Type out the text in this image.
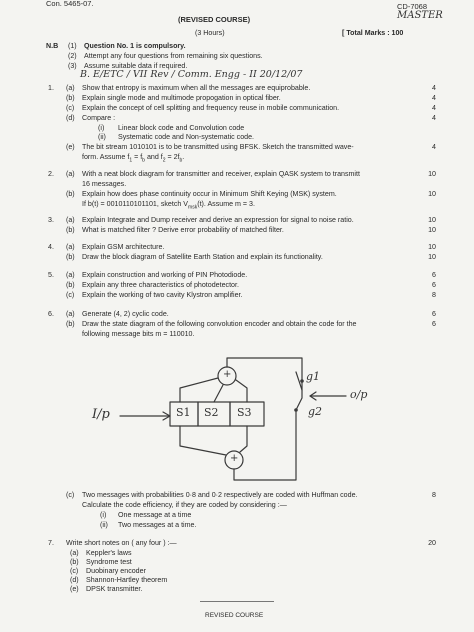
Con. 5465-07.	CD-7068
MASTER
(REVISED COURSE)
(3 Hours)	[ Total Marks : 100
N.B (1) Question No. 1 is compulsory.
(2) Attempt any four questions from remaining six questions.
(3) Assume suitable data if required.
B. E/ETC / VII Rev / Comm. Engg - II 20/12/07
1. (a) Show that entropy is maximum when all the messages are equiprobable.	4
(b) Explain single mode and multimode propogation in optical fiber.	4
(c) Explain the concept of cell splitting and frequency reuse in mobile communication.	4
(d) Compare :	4
(i) Linear block code and Convolution code
(ii) Systematic code and Non-systematic code.
(e) The bit stream 1010101 is to be transmitted using BFSK. Sketch the transmitted wave-	4
form. Assume $f_1 = f_b$ and $f_2 = 2f_b$.
2. (a) With a neat block diagram for transmitter and receiver, explain QASK system to transmitt	10
16 messages.
(b) Explain how does phase continuity occur in Minimum Shift Keying (MSK) system.	10
If b(t) = 0010110101101, sketch $V_{msk}(t)$. Assume m = 3.
3. (a) Explain Integrate and Dump receiver and derive an expression for signal to noise ratio.	10
(b) What is matched filter ? Derive error probability of matched filter.	10
4. (a) Explain GSM architecture.	10
(b) Draw the block diagram of Satellite Earth Station and explain its functionality.	10
5. (a) Explain construction and working of PIN Photodiode.	6
(b) Explain any three characteristics of photodetector.	6
(c) Explain the working of two cavity Klystron amplifier.	8
6. (a) Generate (4, 2) cyclic code.	6
(b) Draw the state diagram of the following convolution encoder and obtain the code for the	6
following message bits m = 110010.
I/p	S1 S2 S3
+
+
g1
g2
o/p
(c) Two messages with probabilities 0·8 and 0·2 respectively are coded with Huffman code.	8
Calculate the code efficiency, if they are coded by considering :—
(i) One message at a time
(ii) Two messages at a time.
7. Write short notes on ( any four ) :—	20
(a) Keppler's laws
(b) Syndrome test
(c) Duobinary encoder
(d) Shannon-Hartley theorem
(e) DPSK transmitter.
REVISED COURSE
